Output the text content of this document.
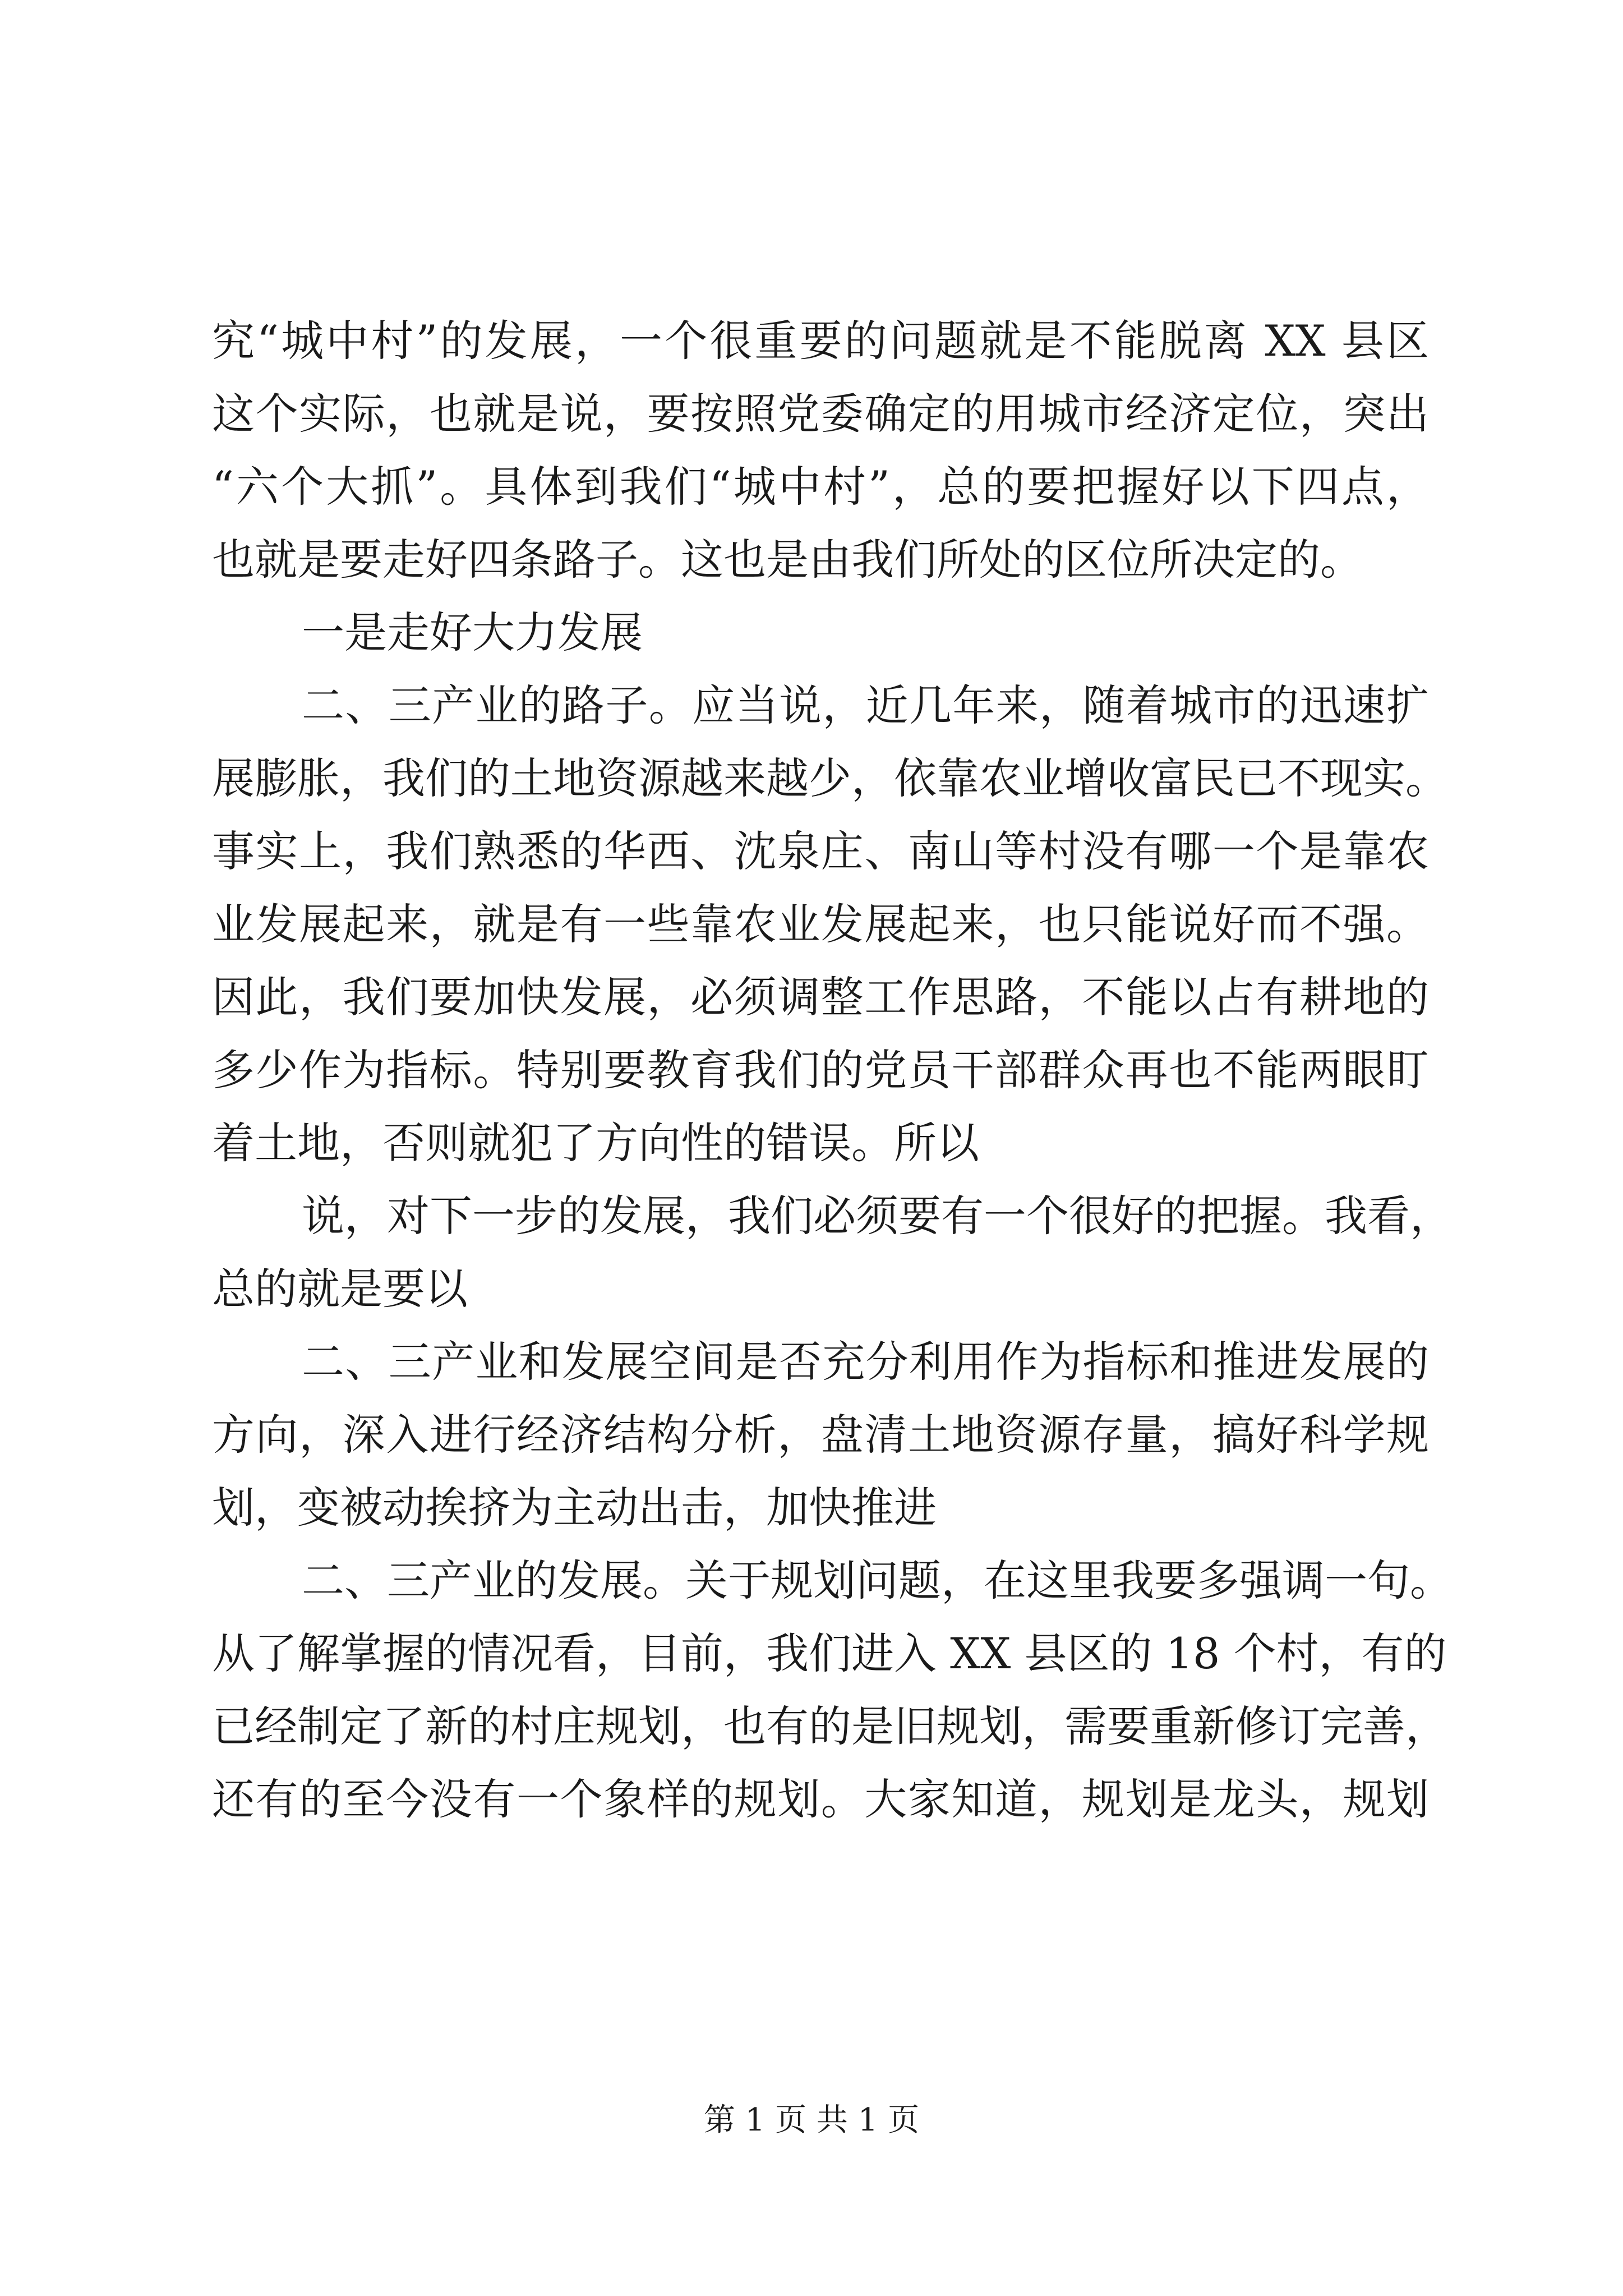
究“城中村”的发展，一个很重要的问题就是不能脱离 XX 县区
这个实际，也就是说，要按照党委确定的用城市经济定位，突出
“六个大抓”。具体到我们“城中村”，总的要把握好以下四点，
也就是要走好四条路子。这也是由我们所处的区位所决定的。
一是走好大力发展
二、三产业的路子。应当说，近几年来，随着城市的迅速扩
展膨胀，我们的土地资源越来越少，依靠农业增收富民已不现实。
事实上，我们熟悉的华西、沈泉庄、南山等村没有哪一个是靠农
业发展起来，就是有一些靠农业发展起来，也只能说好而不强。
因此，我们要加快发展，必须调整工作思路，不能以占有耕地的
多少作为指标。特别要教育我们的党员干部群众再也不能两眼盯
着土地，否则就犯了方向性的错误。所以
说，对下一步的发展，我们必须要有一个很好的把握。我看，
总的就是要以
二、三产业和发展空间是否充分利用作为指标和推进发展的
方向，深入进行经济结构分析，盘清土地资源存量，搞好科学规
划，变被动挨挤为主动出击，加快推进
二、三产业的发展。关于规划问题，在这里我要多强调一句。
从了解掌握的情况看，目前，我们进入 XX 县区的 18 个村，有的
已经制定了新的村庄规划，也有的是旧规划，需要重新修订完善，
还有的至今没有一个象样的规划。大家知道，规划是龙头，规划
第 1 页 共 1 页
